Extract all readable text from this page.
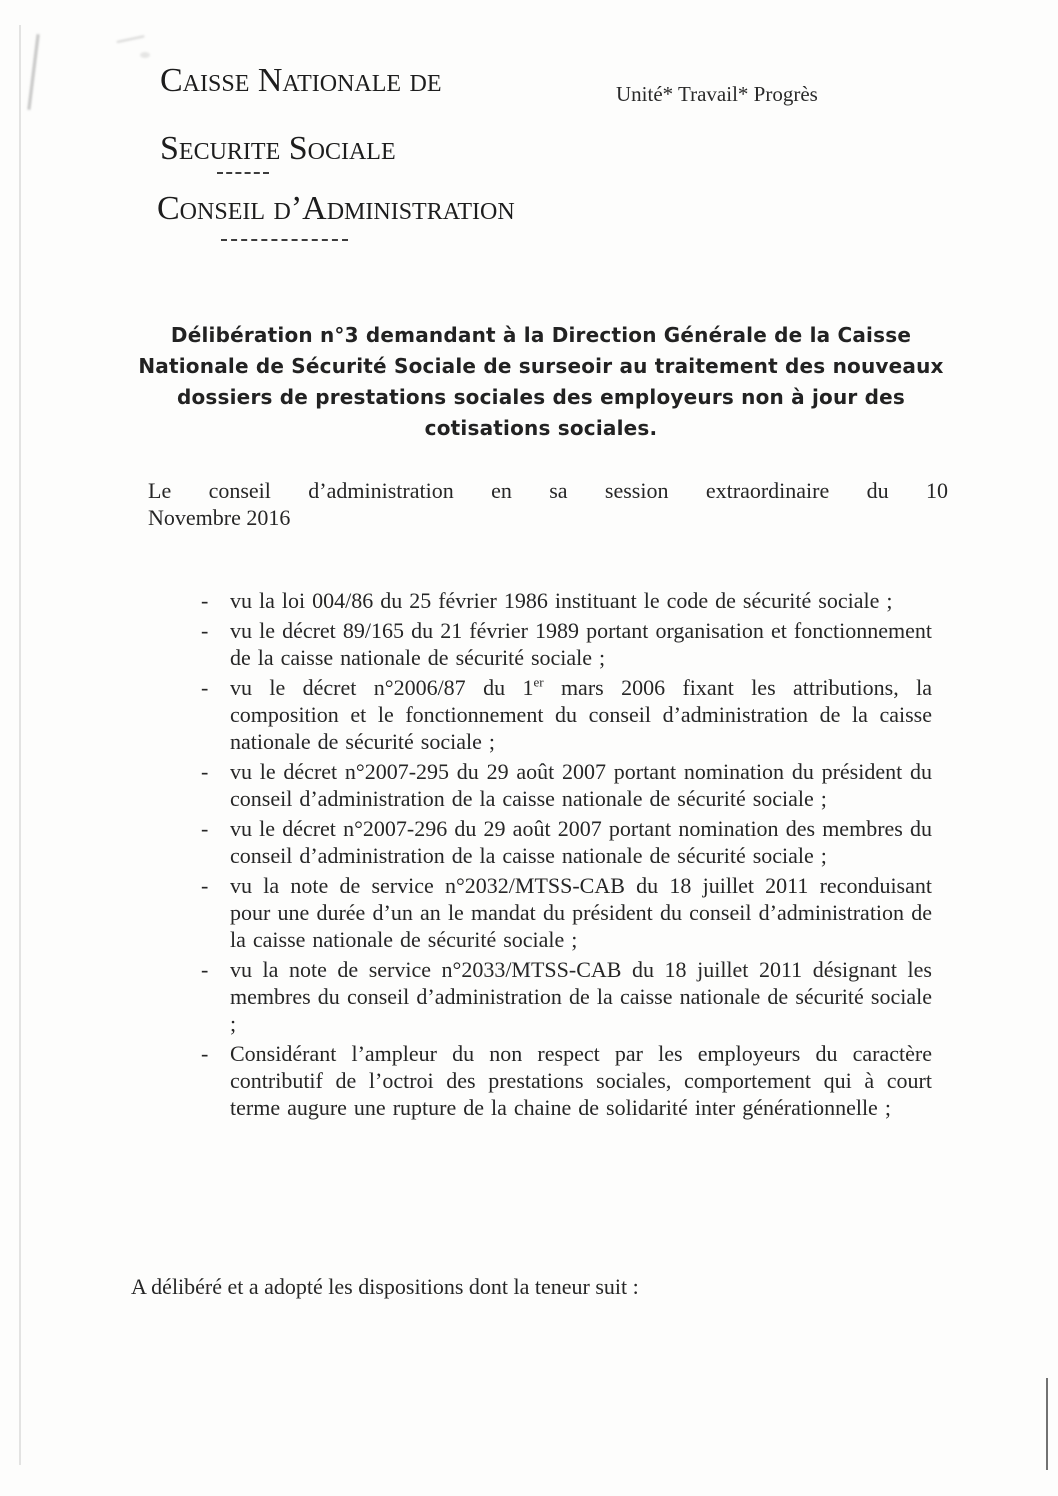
Caisse Nationale de
Securite Sociale
Conseil d’Administration
Unité* Travail* Progrès
Délibération n°3 demandant à la Direction Générale de la Caisse
Nationale de Sécurité Sociale de surseoir au traitement des nouveaux
dossiers de prestations sociales des employeurs non à jour des
cotisations sociales.
Le conseil d’administration en sa session extraordinaire du 10
Novembre 2016
- vu la loi 004/86 du 25 février 1986 instituant le code de sécurité sociale ;
- vu le décret 89/165 du 21 février 1989 portant organisation et fonctionnement de la caisse nationale de sécurité sociale ;
- vu le décret n°2006/87 du 1er mars 2006 fixant les attributions, la composition et le fonctionnement du conseil d’administration de la caisse nationale de sécurité sociale ;
- vu le décret n°2007-295 du 29 août 2007 portant nomination du président du conseil d’administration de la caisse nationale de sécurité sociale ;
- vu le décret n°2007-296 du 29 août 2007 portant nomination des membres du conseil d’administration de la caisse nationale de sécurité sociale ;
- vu la note de service n°2032/MTSS-CAB du 18 juillet 2011 reconduisant pour une durée d’un an le mandat du président du conseil d’administration de la caisse nationale de sécurité sociale ;
- vu la note de service n°2033/MTSS-CAB du 18 juillet 2011 désignant les membres du conseil d’administration de la caisse nationale de sécurité sociale ;
- Considérant l’ampleur du non respect par les employeurs du caractère contributif de l’octroi des prestations sociales, comportement qui à court terme augure une rupture de la chaine de solidarité inter générationnelle ;
A délibéré et a adopté les dispositions dont la teneur suit :
